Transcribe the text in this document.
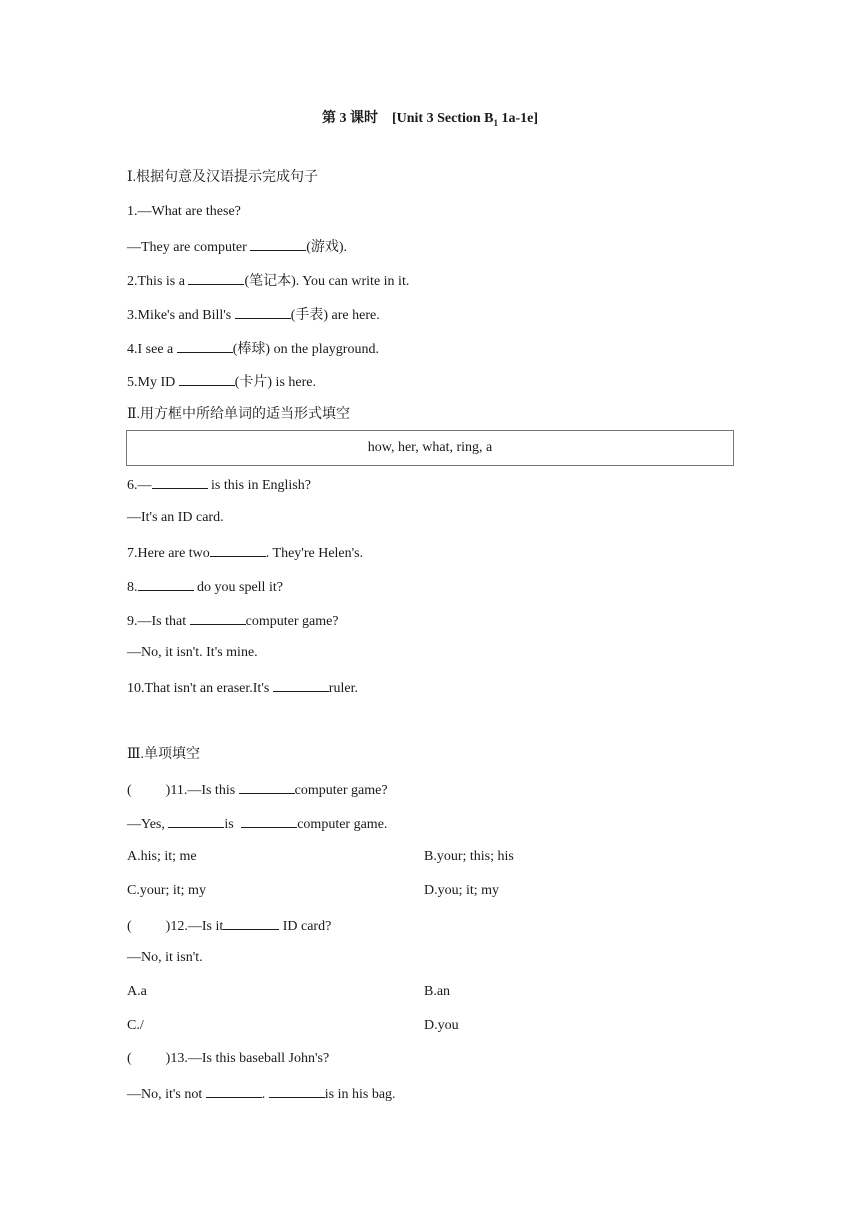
第 3 课时 [Unit 3 Section $B_1$ 1a-1e]
Ⅰ.根据句意及汉语提示完成句子
1.—What are these?
—They are computer	(游戏).
2.This is a	(笔记本). You can write in it.
3.Mike's and Bill's	(手表) are here.
4.I see a	(棒球) on the playground.
5.My ID	(卡片) is here.
Ⅱ.用方框中所给单词的适当形式填空
how, her, what, ring, a
6.—	is this in English?
—It's an ID card.
7.Here are two	. They're Helen's.
8.	do you spell it?
9.—Is that	computer game?
—No, it isn't. It's mine.
10.That isn't an eraser.It's	ruler.
Ⅲ.单项填空
( )11.—Is this	computer game?
—Yes,	is	computer game.
A.his; it; me	B.your; this; his
C.your; it; my	D.you; it; my
( )12.—Is it	ID card?
—No, it isn't.
A.a	B.an
C./	D.you
( )13.—Is this baseball John's?
—No, it's not	.	is in his bag.
